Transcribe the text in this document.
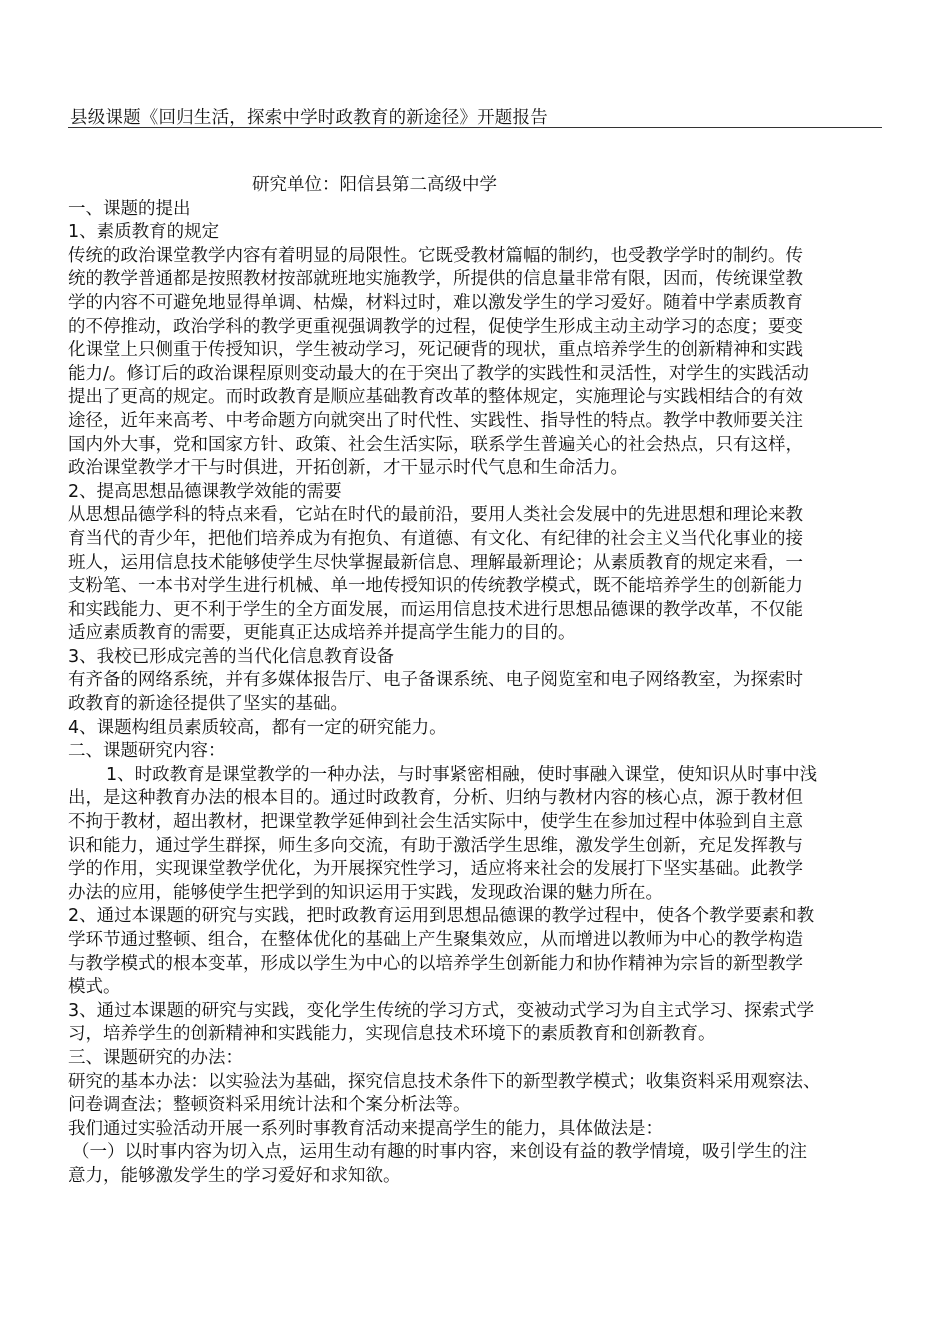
县级课题《回归生活，探索中学时政教育的新途径》开题报告

研究单位：阳信县第二高级中学

一、课题的提出

1、素质教育的规定

传统的政治课堂教学内容有着明显的局限性。它既受教材篇幅的制约，也受教学学时的制约。传

统的教学普通都是按照教材按部就班地实施教学，所提供的信息量非常有限，因而，传统课堂教

学的内容不可避免地显得单调、枯燥，材料过时，难以激发学生的学习爱好。随着中学素质教育

的不停推动，政治学科的教学更重视强调教学的过程，促使学生形成主动主动学习的态度；要变

化课堂上只侧重于传授知识，学生被动学习，死记硬背的现状，重点培养学生的创新精神和实践

能力/。修订后的政治课程原则变动最大的在于突出了教学的实践性和灵活性，对学生的实践活动

提出了更高的规定。而时政教育是顺应基础教育改革的整体规定，实施理论与实践相结合的有效

途径，近年来高考、中考命题方向就突出了时代性、实践性、指导性的特点。教学中教师要关注

国内外大事，党和国家方针、政策、社会生活实际，联系学生普遍关心的社会热点，只有这样，

政治课堂教学才干与时俱进，开拓创新，才干显示时代气息和生命活力。

2、提高思想品德课教学效能的需要

从思想品德学科的特点来看，它站在时代的最前沿，要用人类社会发展中的先进思想和理论来教

育当代的青少年，把他们培养成为有抱负、有道德、有文化、有纪律的社会主义当代化事业的接

班人，运用信息技术能够使学生尽快掌握最新信息、理解最新理论；从素质教育的规定来看，一

支粉笔、一本书对学生进行机械、单一地传授知识的传统教学模式，既不能培养学生的创新能力

和实践能力、更不利于学生的全方面发展，而运用信息技术进行思想品德课的教学改革，不仅能

适应素质教育的需要，更能真正达成培养并提高学生能力的目的。

3、我校已形成完善的当代化信息教育设备

有齐备的网络系统，并有多媒体报告厅、电子备课系统、电子阅览室和电子网络教室，为探索时

政教育的新途径提供了坚实的基础。

4、课题构组员素质较高，都有一定的研究能力。

二、课题研究内容：

1、时政教育是课堂教学的一种办法，与时事紧密相融，使时事融入课堂，使知识从时事中浅

出，是这种教育办法的根本目的。通过时政教育，分析、归纳与教材内容的核心点，源于教材但

不拘于教材，超出教材，把课堂教学延伸到社会生活实际中，使学生在参加过程中体验到自主意

识和能力，通过学生群探，师生多向交流，有助于激活学生思维，激发学生创新，充足发挥教与

学的作用，实现课堂教学优化，为开展探究性学习，适应将来社会的发展打下坚实基础。此教学

办法的应用，能够使学生把学到的知识运用于实践，发现政治课的魅力所在。

2、通过本课题的研究与实践，把时政教育运用到思想品德课的教学过程中，使各个教学要素和教

学环节通过整顿、组合，在整体优化的基础上产生聚集效应，从而增进以教师为中心的教学构造

与教学模式的根本变革，形成以学生为中心的以培养学生创新能力和协作精神为宗旨的新型教学

模式。

3、通过本课题的研究与实践，变化学生传统的学习方式，变被动式学习为自主式学习、探索式学

习，培养学生的创新精神和实践能力，实现信息技术环境下的素质教育和创新教育。

三、课题研究的办法：

研究的基本办法：以实验法为基础，探究信息技术条件下的新型教学模式；收集资料采用观察法、

问卷调查法；整顿资料采用统计法和个案分析法等。

我们通过实验活动开展一系列时事教育活动来提高学生的能力，具体做法是：

（一）以时事内容为切入点，运用生动有趣的时事内容，来创设有益的教学情境，吸引学生的注

意力，能够激发学生的学习爱好和求知欲。
